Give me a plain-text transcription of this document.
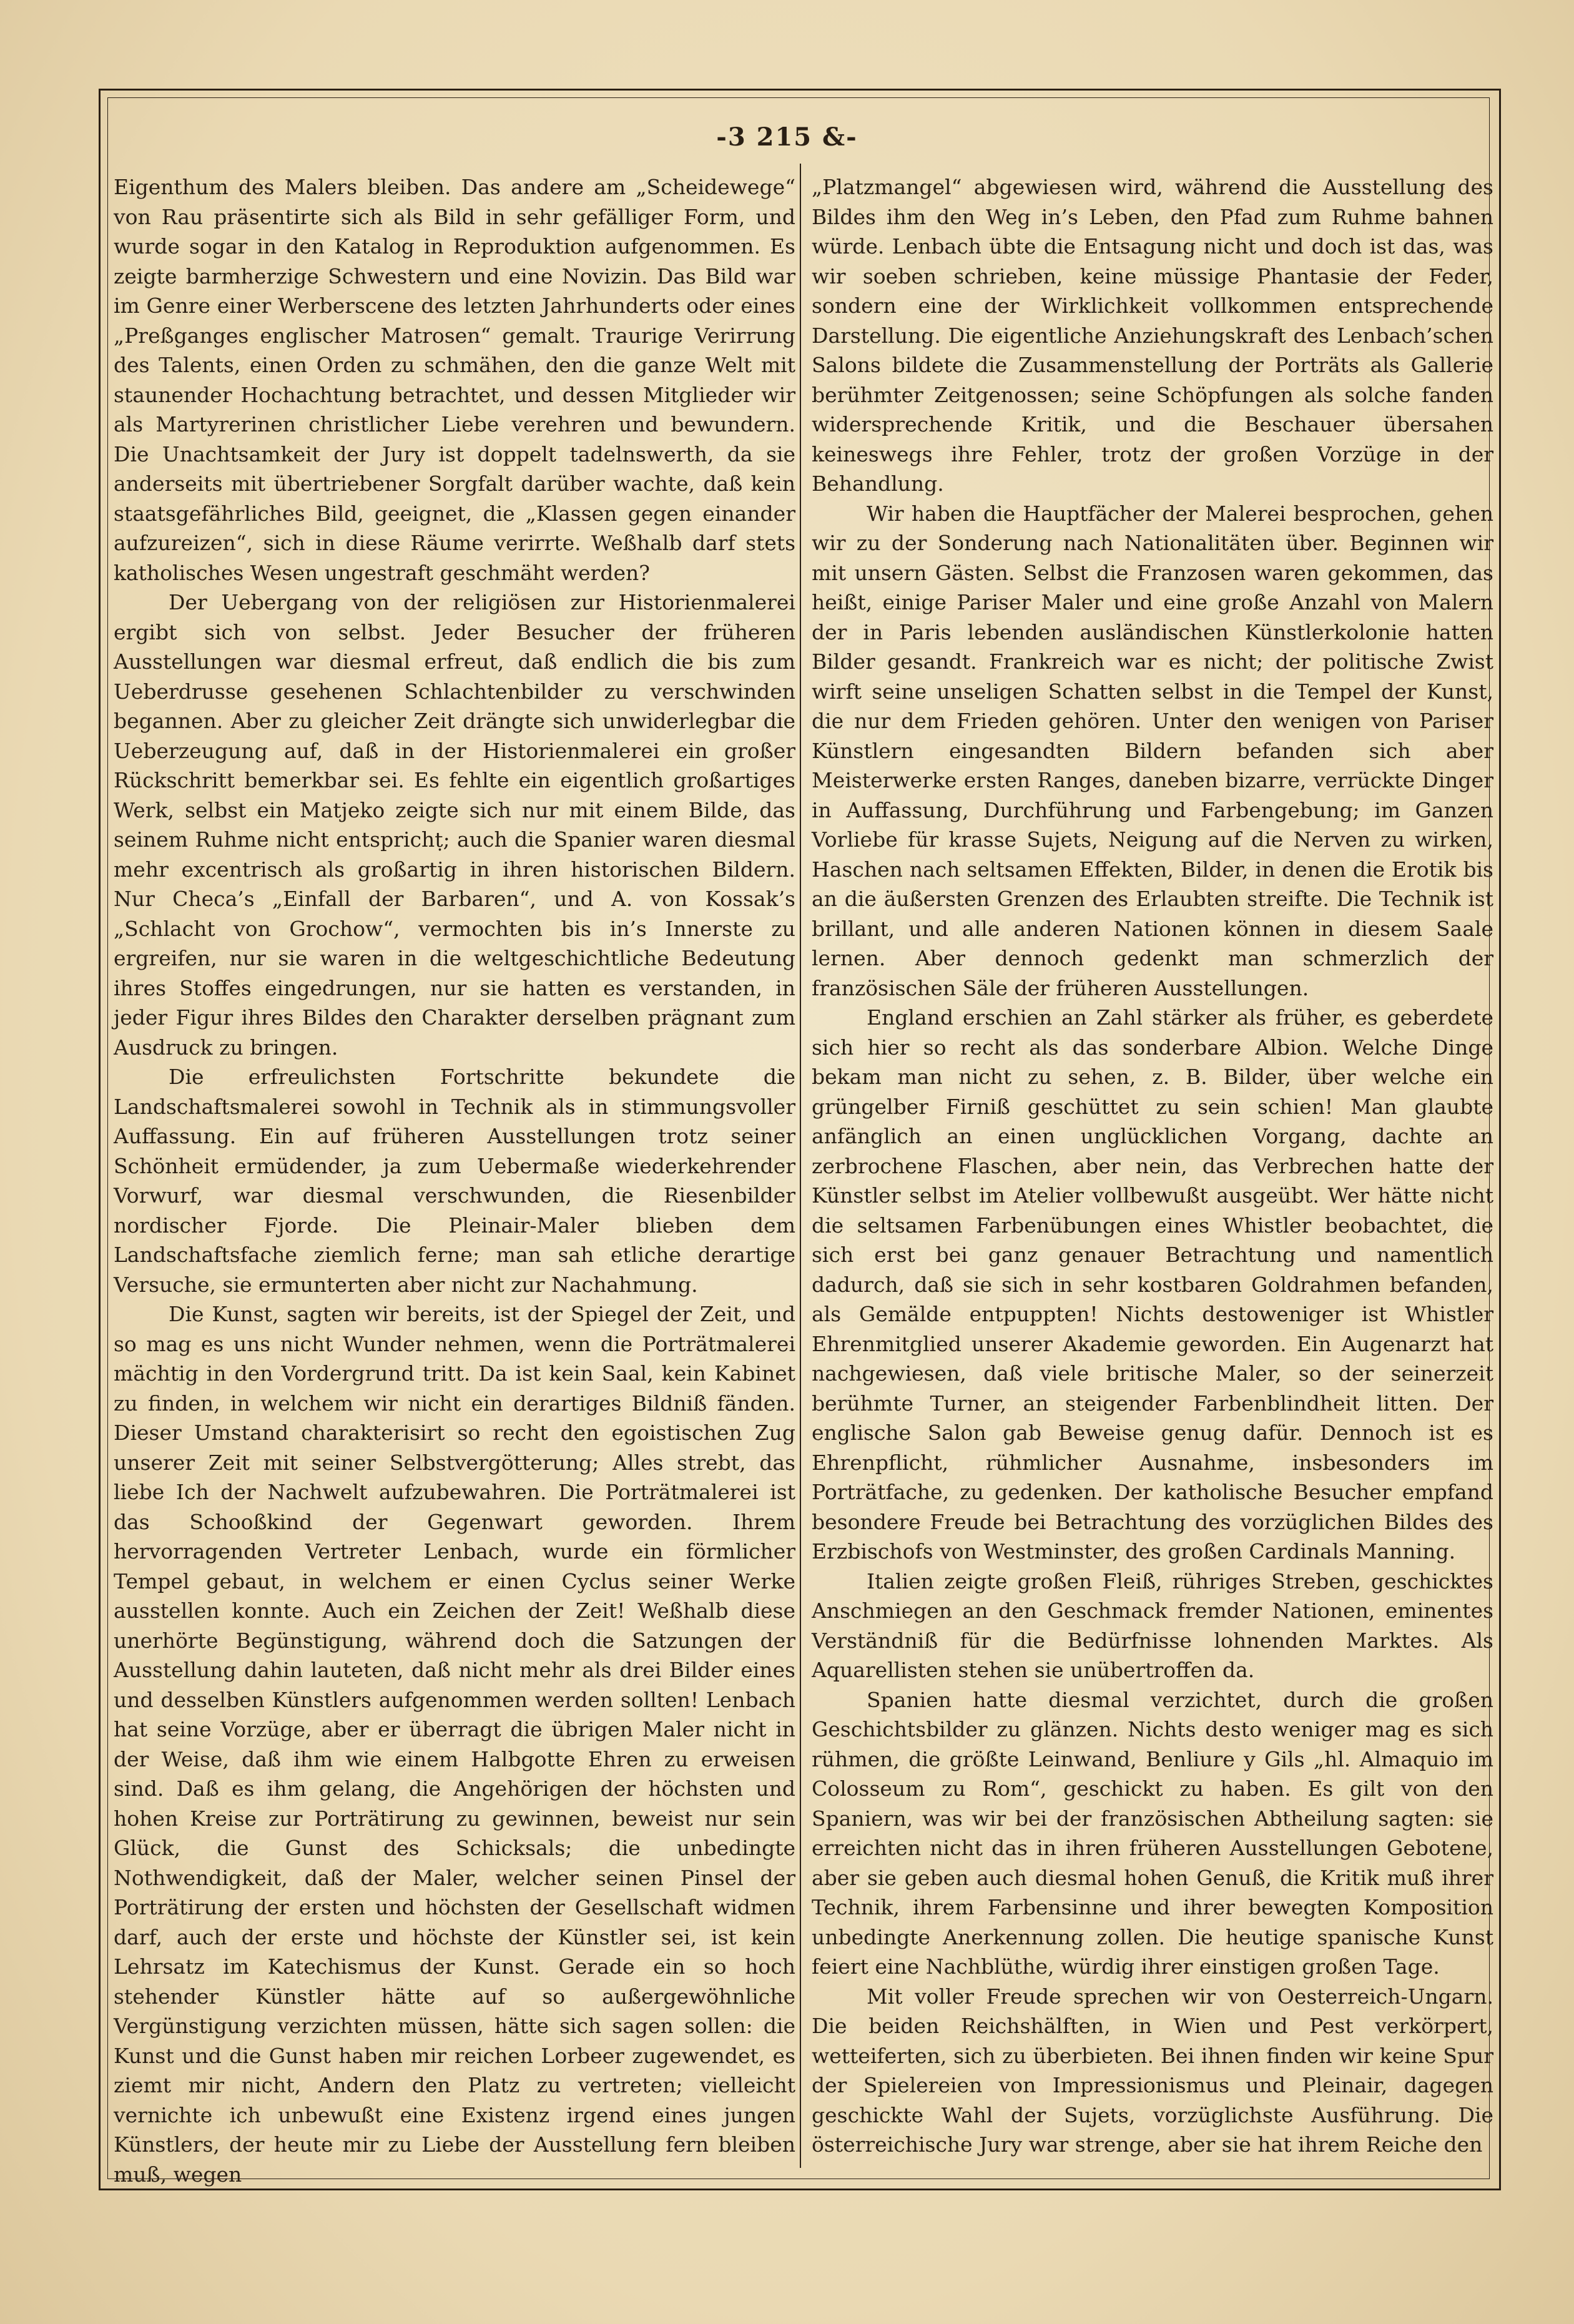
-3 215 &-

Eigenthum des Malers bleiben. Das andere am „Scheidewege“ von Rau präsentirte sich als Bild in sehr gefälliger Form, und wurde sogar in den Katalog in Reproduktion aufgenommen. Es zeigte barmherzige Schwestern und eine Novizin. Das Bild war im Genre einer Werberscene des letzten Jahrhunderts oder eines „Preßganges englischer Matrosen“ gemalt. Traurige Verirrung des Talents, einen Orden zu schmähen, den die ganze Welt mit staunender Hochachtung betrachtet, und dessen Mitglieder wir als Martyrerinen christlicher Liebe verehren und bewundern. Die Unachtsamkeit der Jury ist doppelt tadelnswerth, da sie anderseits mit übertriebener Sorgfalt darüber wachte, daß kein staatsgefährliches Bild, geeignet, die „Klassen gegen einander aufzureizen“, sich in diese Räume verirrte. Weßhalb darf stets katholisches Wesen ungestraft geschmäht werden?

Der Uebergang von der religiösen zur Historienmalerei ergibt sich von selbst. Jeder Besucher der früheren Ausstellungen war diesmal erfreut, daß endlich die bis zum Ueberdrusse gesehenen Schlachtenbilder zu verschwinden begannen. Aber zu gleicher Zeit drängte sich unwiderlegbar die Ueberzeugung auf, daß in der Historienmalerei ein großer Rückschritt bemerkbar sei. Es fehlte ein eigentlich großartiges Werk, selbst ein Matjeko zeigte sich nur mit einem Bilde, das seinem Ruhme nicht entsprichṭ; auch die Spanier waren diesmal mehr excentrisch als großartig in ihren historischen Bildern. Nur Checa’s „Einfall der Barbaren“, und A. von Kossak’s „Schlacht von Grochow“, vermochten bis in’s Innerste zu ergreifen, nur sie waren in die weltgeschichtliche Bedeutung ihres Stoffes eingedrungen, nur sie hatten es verstanden, in jeder Figur ihres Bildes den Charakter derselben prägnant zum Ausdruck zu bringen.

Die erfreulichsten Fortschritte bekundete die Landschaftsmalerei sowohl in Technik als in stimmungsvoller Auffassung. Ein auf früheren Ausstellungen trotz seiner Schönheit ermüdender, ja zum Uebermaße wiederkehrender Vorwurf, war diesmal verschwunden, die Riesenbilder nordischer Fjorde. Die Pleinair-Maler blieben dem Landschaftsfache ziemlich ferne; man sah etliche derartige Versuche, sie ermunterten aber nicht zur Nachahmung.

Die Kunst, sagten wir bereits, ist der Spiegel der Zeit, und so mag es uns nicht Wunder nehmen, wenn die Porträtmalerei mächtig in den Vordergrund tritt. Da ist kein Saal, kein Kabinet zu finden, in welchem wir nicht ein derartiges Bildniß fänden. Dieser Umstand charakterisirt so recht den egoistischen Zug unserer Zeit mit seiner Selbstvergötterung; Alles strebt, das liebe Ich der Nachwelt aufzubewahren. Die Porträtmalerei ist das Schooßkind der Gegenwart geworden. Ihrem hervorragenden Vertreter Lenbach, wurde ein förmlicher Tempel gebaut, in welchem er einen Cyclus seiner Werke ausstellen konnte. Auch ein Zeichen der Zeit! Weßhalb diese unerhörte Begünstigung, während doch die Satzungen der Ausstellung dahin lauteten, daß nicht mehr als drei Bilder eines und desselben Künstlers aufgenommen werden sollten! Lenbach hat seine Vorzüge, aber er überragt die übrigen Maler nicht in der Weise, daß ihm wie einem Halbgotte Ehren zu erweisen sind. Daß es ihm gelang, die Angehörigen der höchsten und hohen Kreise zur Porträtirung zu gewinnen, beweist nur sein Glück, die Gunst des Schicksals; die unbedingte Nothwendigkeit, daß der Maler, welcher seinen Pinsel der Porträtirung der ersten und höchsten der Gesellschaft widmen darf, auch der erste und höchste der Künstler sei, ist kein Lehrsatz im Katechismus der Kunst. Gerade ein so hoch stehender Künstler hätte auf so außergewöhnliche Vergünstigung verzichten müssen, hätte sich sagen sollen: die Kunst und die Gunst haben mir reichen Lorbeer zugewendet, es ziemt mir nicht, Andern den Platz zu vertreten; vielleicht vernichte ich unbewußt eine Existenz irgend eines jungen Künstlers, der heute mir zu Liebe der Ausstellung fern bleiben muß, wegen

„Platzmangel“ abgewiesen wird, während die Ausstellung des Bildes ihm den Weg in’s Leben, den Pfad zum Ruhme bahnen würde. Lenbach übte die Entsagung nicht und doch ist das, was wir soeben schrieben, keine müssige Phantasie der Feder, sondern eine der Wirklichkeit vollkommen entsprechende Darstellung. Die eigentliche Anziehungskraft des Lenbach’schen Salons bildete die Zusammenstellung der Porträts als Gallerie berühmter Zeitgenossen; seine Schöpfungen als solche fanden widersprechende Kritik, und die Beschauer übersahen keineswegs ihre Fehler, trotz der großen Vorzüge in der Behandlung.

Wir haben die Hauptfächer der Malerei besprochen, gehen wir zu der Sonderung nach Nationalitäten über. Beginnen wir mit unsern Gästen. Selbst die Franzosen waren gekommen, das heißt, einige Pariser Maler und eine große Anzahl von Malern der in Paris lebenden ausländischen Künstlerkolonie hatten Bilder gesandt. Frankreich war es nicht; der politische Zwist wirft seine unseligen Schatten selbst in die Tempel der Kunst, die nur dem Frieden gehören. Unter den wenigen von Pariser Künstlern eingesandten Bildern befanden sich aber Meisterwerke ersten Ranges, daneben bizarre, verrückte Dinger in Auffassung, Durchführung und Farbengebung; im Ganzen Vorliebe für krasse Sujets, Neigung auf die Nerven zu wirken, Haschen nach seltsamen Effekten, Bilder, in denen die Erotik bis an die äußersten Grenzen des Erlaubten streifte. Die Technik ist brillant, und alle anderen Nationen können in diesem Saale lernen. Aber dennoch gedenkt man schmerzlich der französischen Säle der früheren Ausstellungen.

England erschien an Zahl stärker als früher, es geberdete sich hier so recht als das sonderbare Albion. Welche Dinge bekam man nicht zu sehen, z. B. Bilder, über welche ein grüngelber Firniß geschüttet zu sein schien! Man glaubte anfänglich an einen unglücklichen Vorgang, dachte an zerbrochene Flaschen, aber nein, das Verbrechen hatte der Künstler selbst im Atelier vollbewußt ausgeübt. Wer hätte nicht die seltsamen Farbenübungen eines Whistler beobachtet, die sich erst bei ganz genauer Betrachtung und namentlich dadurch, daß sie sich in sehr kostbaren Goldrahmen befanden, als Gemälde entpuppten! Nichts destoweniger ist Whistler Ehrenmitglied unserer Akademie geworden. Ein Augenarzt hat nachgewiesen, daß viele britische Maler, so der seinerzeit berühmte Turner, an steigender Farbenblindheit litten. Der englische Salon gab Beweise genug dafür. Dennoch ist es Ehrenpflicht, rühmlicher Ausnahme, insbesonders im Porträtfache, zu gedenken. Der katholische Besucher empfand besondere Freude bei Betrachtung des vorzüglichen Bildes des Erzbischofs von Westminster, des großen Cardinals Manning.

Italien zeigte großen Fleiß, rühriges Streben, geschicktes Anschmiegen an den Geschmack fremder Nationen, eminentes Verständniß für die Bedürfnisse lohnenden Marktes. Als Aquarellisten stehen sie unübertroffen da.

Spanien hatte diesmal verzichtet, durch die großen Geschichtsbilder zu glänzen. Nichts desto weniger mag es sich rühmen, die größte Leinwand, Benliure y Gils „hl. Almaquio im Colosseum zu Rom“, geschickt zu haben. Es gilt von den Spaniern, was wir bei der französischen Abtheilung sagten: sie erreichten nicht das in ihren früheren Ausstellungen Gebotene, aber sie geben auch diesmal hohen Genuß, die Kritik muß ihrer Technik, ihrem Farbensinne und ihrer bewegten Komposition unbedingte Anerkennung zollen. Die heutige spanische Kunst feiert eine Nachblüthe, würdig ihrer einstigen großen Tage.

Mit voller Freude sprechen wir von Oesterreich-Ungarn. Die beiden Reichshälften, in Wien und Pest verkörpert, wetteiferten, sich zu überbieten. Bei ihnen finden wir keine Spur der Spielereien von Impressionismus und Pleinair, dagegen geschickte Wahl der Sujets, vorzüglichste Ausführung. Die österreichische Jury war strenge, aber sie hat ihrem Reiche den
